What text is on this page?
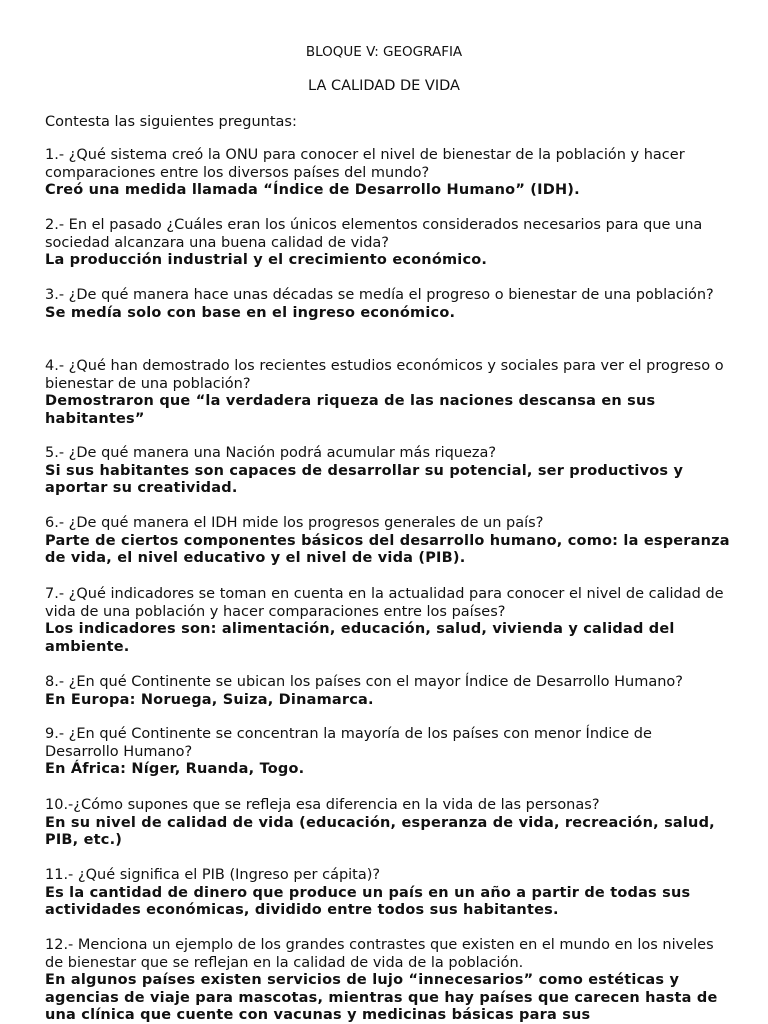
BLOQUE V: GEOGRAFIA
LA CALIDAD DE VIDA
Contesta las siguientes preguntas:
1.- ¿Qué sistema creó la ONU para conocer el nivel de bienestar de la población y hacer comparaciones entre los diversos países del mundo?
Creó una medida llamada “Índice de Desarrollo Humano” (IDH).
2.- En el pasado ¿Cuáles eran los únicos elementos considerados necesarios para que una sociedad alcanzara una buena calidad de vida?
La producción industrial y el crecimiento económico.
3.- ¿De qué manera hace unas décadas se medía el progreso o bienestar de una población?
Se medía solo con base en el ingreso económico.
4.- ¿Qué han demostrado los recientes estudios económicos y sociales para ver el progreso o bienestar de una población?
Demostraron que “la verdadera riqueza de las naciones descansa en sus habitantes”
5.- ¿De qué manera una Nación podrá acumular más riqueza?
Si sus habitantes son capaces de desarrollar su potencial, ser productivos y aportar su creatividad.
6.- ¿De qué manera el IDH mide los progresos generales de un país?
Parte de ciertos componentes básicos del desarrollo humano, como: la esperanza de vida, el nivel educativo y el nivel de vida (PIB).
7.- ¿Qué indicadores se toman en cuenta en la actualidad para conocer el nivel de calidad de vida de una población y hacer comparaciones entre los países?
Los indicadores son: alimentación, educación, salud, vivienda y calidad del ambiente.
8.- ¿En qué Continente se ubican los países con el mayor Índice de Desarrollo Humano?
En Europa: Noruega, Suiza, Dinamarca.
9.- ¿En qué Continente se concentran la mayoría de los países con menor Índice de Desarrollo Humano?
En África: Níger, Ruanda, Togo.
10.-¿Cómo supones que se refleja esa diferencia en la vida de las personas?
En su nivel de calidad de vida (educación, esperanza de vida, recreación, salud, PIB, etc.)
11.- ¿Qué significa el PIB (Ingreso per cápita)?
Es la cantidad de dinero que produce un país en un año a partir de todas sus actividades económicas, dividido entre todos sus habitantes.
12.- Menciona un ejemplo de los grandes contrastes que existen en el mundo en los niveles de bienestar que se reflejan en la calidad de vida de la población.
En algunos países existen servicios de lujo “innecesarios” como estéticas y agencias de viaje para mascotas, mientras que hay países que carecen hasta de una clínica que cuente con vacunas y medicinas básicas para sus
